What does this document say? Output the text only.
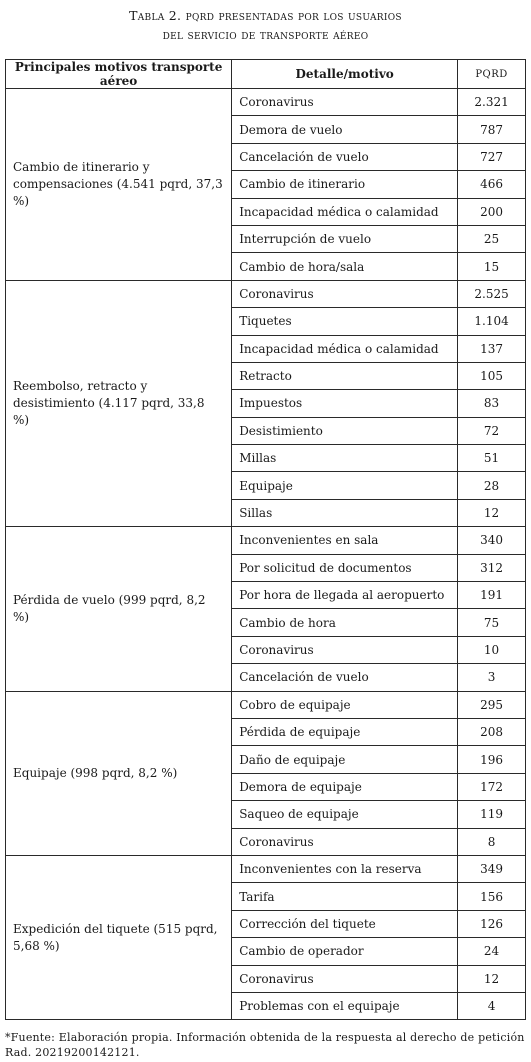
Tabla 2. pqrd presentadas por los usuarios
del servicio de transporte aéreo
Principales motivos transporte aéreo	Detalle/motivo	PQRD
Cambio de itinerario y compensaciones (4.541 pqrd, 37,3 %)	Coronavirus	2.321
	Demora de vuelo	787
	Cancelación de vuelo	727
	Cambio de itinerario	466
	Incapacidad médica o calamidad	200
	Interrupción de vuelo	25
	Cambio de hora/sala	15
Reembolso, retracto y desistimiento (4.117 pqrd, 33,8 %)	Coronavirus	2.525
	Tiquetes	1.104
	Incapacidad médica o calamidad	137
	Retracto	105
	Impuestos	83
	Desistimiento	72
	Millas	51
	Equipaje	28
	Sillas	12
Pérdida de vuelo (999 pqrd, 8,2 %)	Inconvenientes en sala	340
	Por solicitud de documentos	312
	Por hora de llegada al aeropuerto	191
	Cambio de hora	75
	Coronavirus	10
	Cancelación de vuelo	3
Equipaje (998 pqrd, 8,2 %)	Cobro de equipaje	295
	Pérdida de equipaje	208
	Daño de equipaje	196
	Demora de equipaje	172
	Saqueo de equipaje	119
	Coronavirus	8
Expedición del tiquete (515 pqrd, 5,68 %)	Inconvenientes con la reserva	349
	Tarifa	156
	Corrección del tiquete	126
	Cambio de operador	24
	Coronavirus	12
	Problemas con el equipaje	4
*Fuente: Elaboración propia. Información obtenida de la respuesta al derecho de petición Rad. 20219200142121.
